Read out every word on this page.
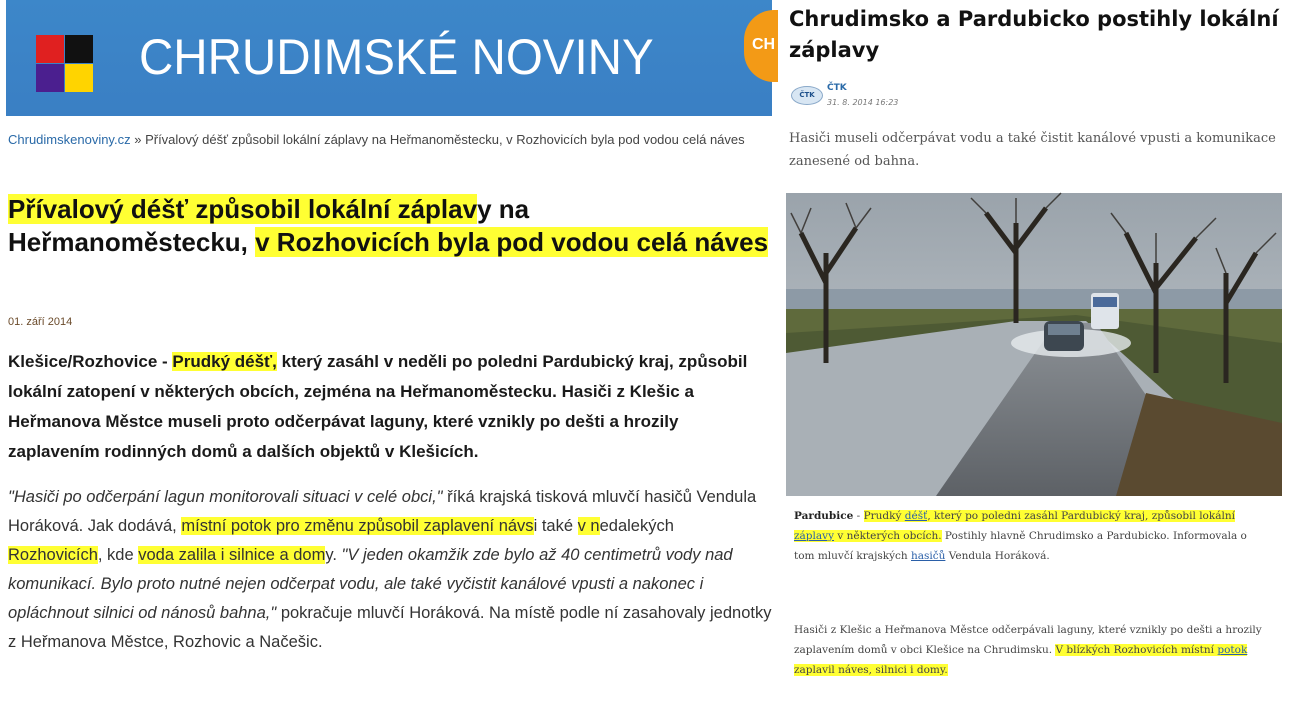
CHRUDIMSKÉ NOVINY	CH
Chrudimskenoviny.cz » Přívalový déšť způsobil lokální záplavy na Heřmanoměstecku, v Rozhovicích byla pod vodou celá náves
Přívalový déšť způsobil lokální záplavy na Heřmanoměstecku, v Rozhovicích byla pod vodou celá náves
01. září 2014

Klešice/Rozhovice - Prudký déšť, který zasáhl v neděli po poledni Pardubický kraj, způsobil lokální zatopení v některých obcích, zejména na Heřmanoměstecku. Hasiči z Klešic a Heřmanova Městce museli proto odčerpávat laguny, které vznikly po dešti a hrozily zaplavením rodinných domů a dalších objektů v Klešicích.

"Hasiči po odčerpání lagun monitorovali situaci v celé obci," říká krajská tisková mluvčí hasičů Vendula Horáková. Jak dodává, místní potok pro změnu způsobil zaplavení návsi také v nedalekých Rozhovicích, kde voda zalila i silnice a domy. "V jeden okamžik zde bylo až 40 centimetrů vody nad komunikací. Bylo proto nutné nejen odčerpat vodu, ale také vyčistit kanálové vpusti a nakonec i opláchnout silnici od nánosů bahna," pokračuje mluvčí Horáková. Na místě podle ní zasahovaly jednotky z Heřmanova Městce, Rozhovic a Načešic.

Chrudimsko a Pardubicko postihly lokální záplavy
ČTK
ČTK
31. 8. 2014 16:23

Hasiči museli odčerpávat vodu a také čistit kanálové vpusti a komunikace zanesené od bahna.

Pardubice - Prudký déšť, který po poledni zasáhl Pardubický kraj, způsobil lokální záplavy v některých obcích. Postihly hlavně Chrudimsko a Pardubicko. Informovala o tom mluvčí krajských hasičů Vendula Horáková.

Hasiči z Klešic a Heřmanova Městce odčerpávali laguny, které vznikly po dešti a hrozily zaplavením domů v obci Klešice na Chrudimsku. V blízkých Rozhovicích místní potok zaplavil náves, silnici i domy.
